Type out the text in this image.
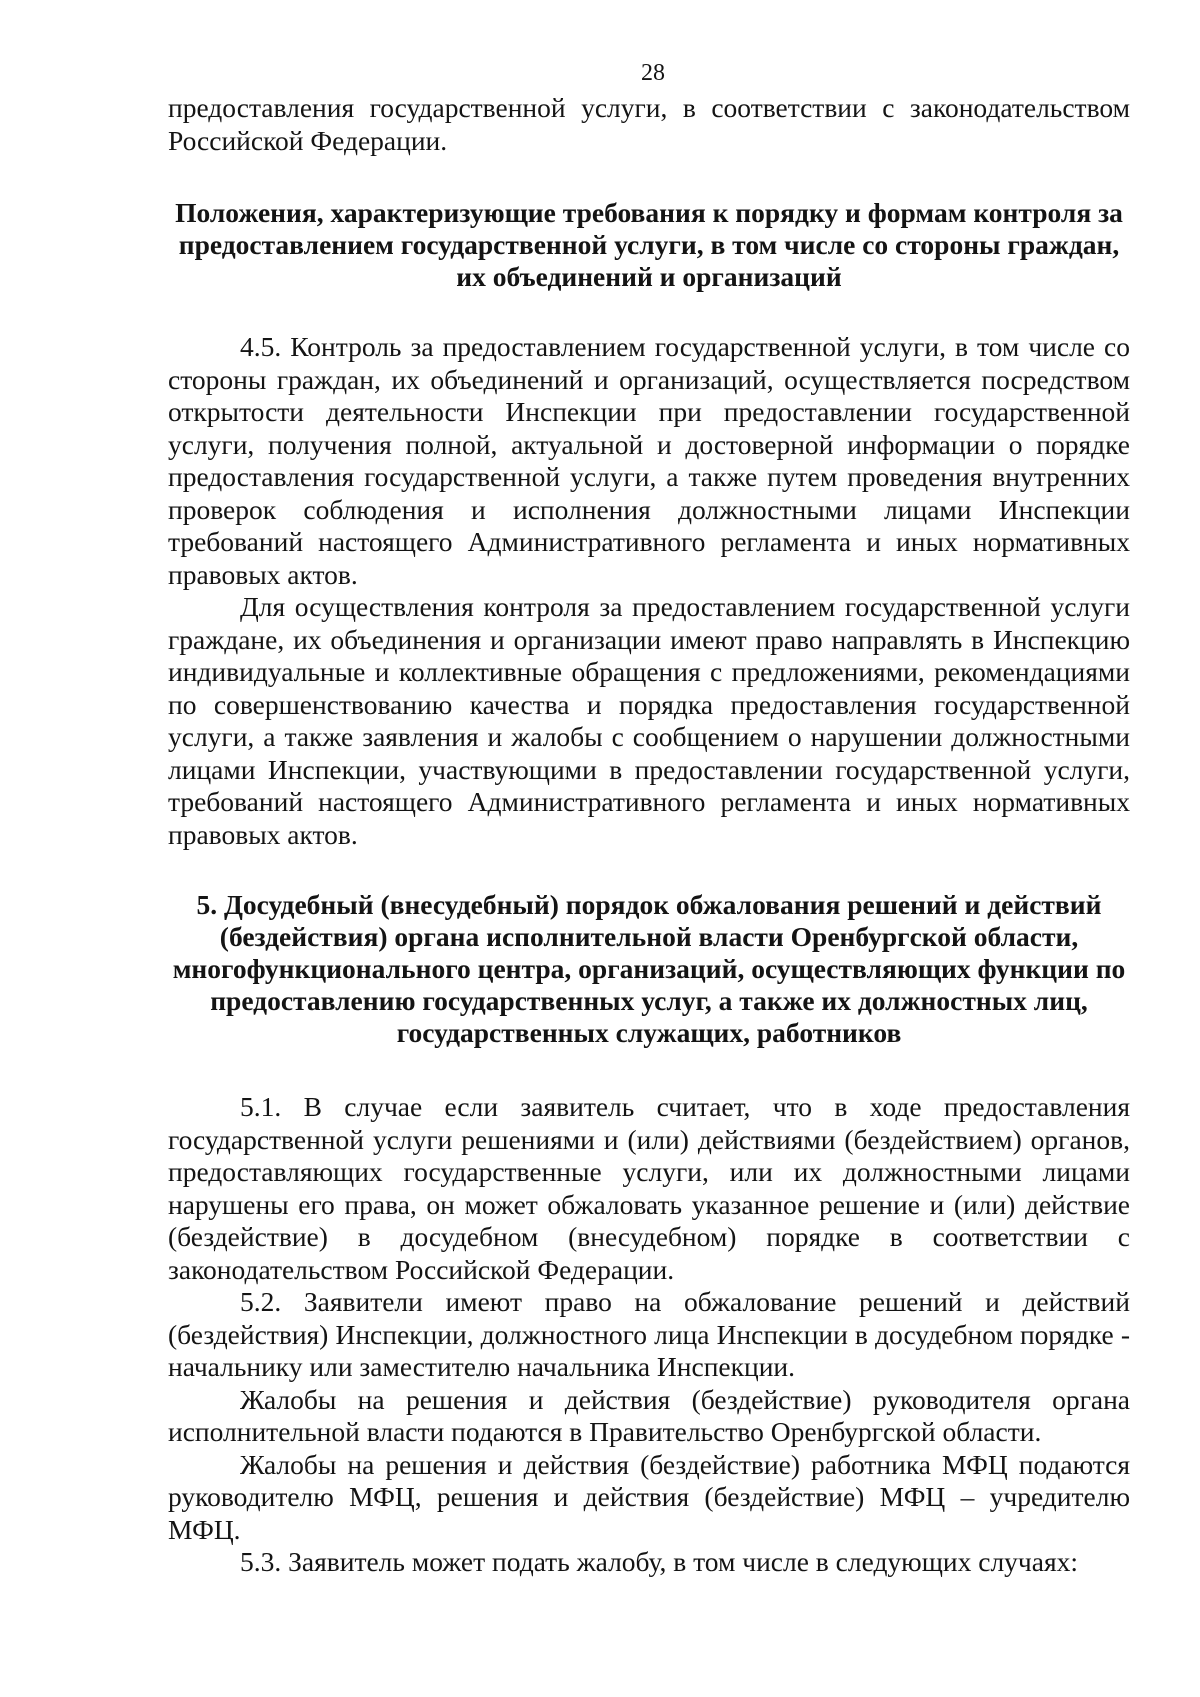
28

предоставления государственной услуги, в соответствии с законодательством Российской Федерации.

Положения, характеризующие требования к порядку и формам контроля за предоставлением государственной услуги, в том числе со стороны граждан, их объединений и организаций

4.5. Контроль за предоставлением государственной услуги, в том числе со стороны граждан, их объединений и организаций, осуществляется посредством открытости деятельности Инспекции при предоставлении государственной услуги, получения полной, актуальной и достоверной информации о порядке предоставления государственной услуги, а также путем проведения внутренних проверок соблюдения и исполнения должностными лицами Инспекции требований настоящего Административного регламента и иных нормативных правовых актов.

Для осуществления контроля за предоставлением государственной услуги граждане, их объединения и организации имеют право направлять в Инспекцию индивидуальные и коллективные обращения с предложениями, рекомендациями по совершенствованию качества и порядка предоставления государственной услуги, а также заявления и жалобы с сообщением о нарушении должностными лицами Инспекции, участвующими в предоставлении государственной услуги, требований настоящего Административного регламента и иных нормативных правовых актов.

5. Досудебный (внесудебный) порядок обжалования решений и действий (бездействия) органа исполнительной власти Оренбургской области, многофункционального центра, организаций, осуществляющих функции по предоставлению государственных услуг, а также их должностных лиц, государственных служащих, работников

5.1. В случае если заявитель считает, что в ходе предоставления государственной услуги решениями и (или) действиями (бездействием) органов, предоставляющих государственные услуги, или их должностными лицами нарушены его права, он может обжаловать указанное решение и (или) действие (бездействие) в досудебном (внесудебном) порядке в соответствии с законодательством Российской Федерации.

5.2. Заявители имеют право на обжалование решений и действий (бездействия) Инспекции, должностного лица Инспекции в досудебном порядке - начальнику или заместителю начальника Инспекции.

Жалобы на решения и действия (бездействие) руководителя органа исполнительной власти подаются в Правительство Оренбургской области.

Жалобы на решения и действия (бездействие) работника МФЦ подаются руководителю МФЦ, решения и действия (бездействие) МФЦ – учредителю МФЦ.

5.3. Заявитель может подать жалобу, в том числе в следующих случаях:
